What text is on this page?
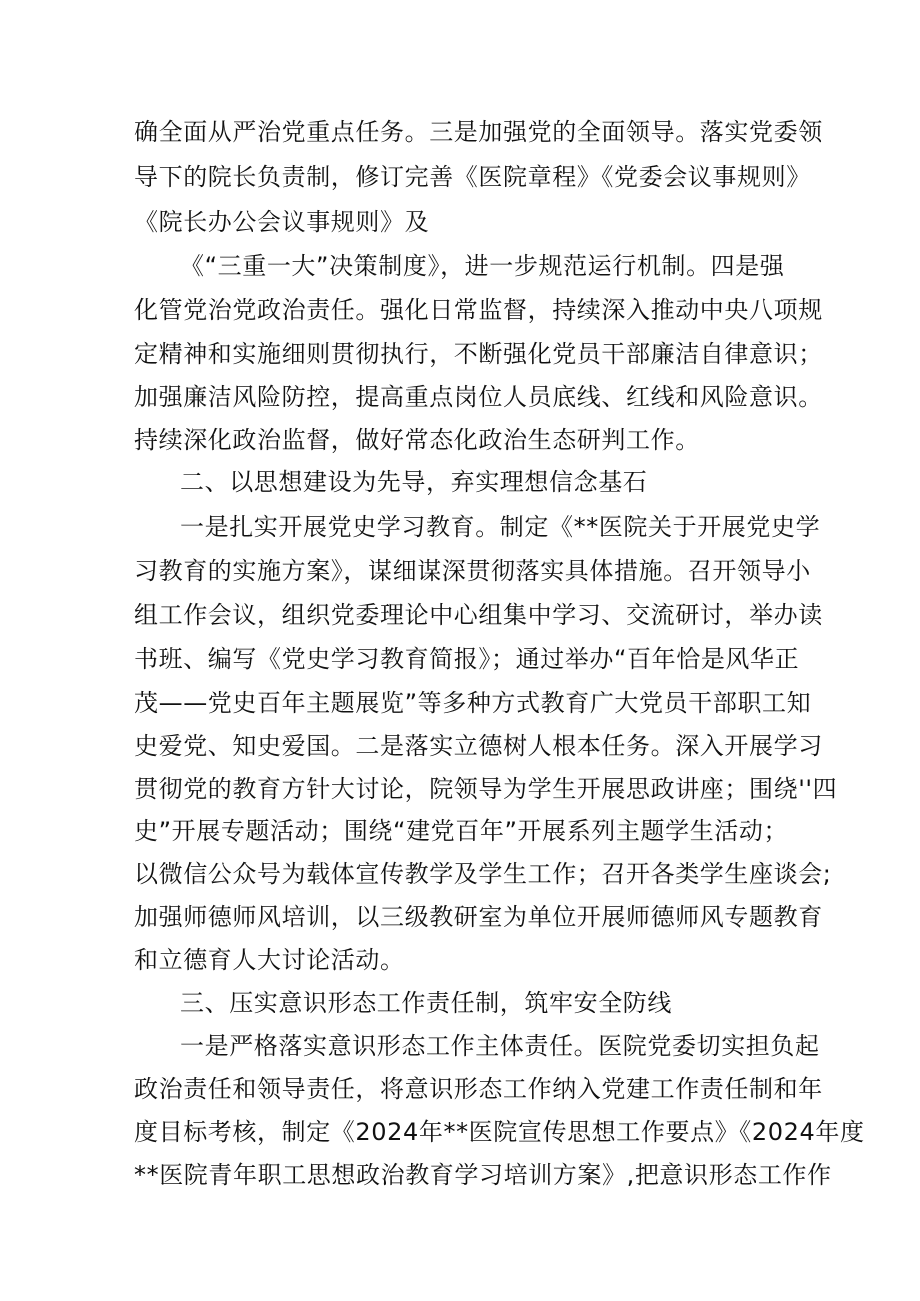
确全面从严治党重点任务。三是加强党的全面领导。落实党委领
导下的院长负责制，修订完善《医院章程》《党委会议事规则》
《院长办公会议事规则》及
《“三重一大”决策制度》，进一步规范运行机制。四是强
化管党治党政治责任。强化日常监督，持续深入推动中央八项规
定精神和实施细则贯彻执行，不断强化党员干部廉洁自律意识；
加强廉洁风险防控，提高重点岗位人员底线、红线和风险意识。
持续深化政治监督，做好常态化政治生态研判工作。
二、以思想建设为先导，弃实理想信念基石
一是扎实开展党史学习教育。制定《**医院关于开展党史学
习教育的实施方案》，谋细谋深贯彻落实具体措施。召开领导小
组工作会议，组织党委理论中心组集中学习、交流研讨，举办读
书班、编写《党史学习教育简报》；通过举办“百年恰是风华正
茂——党史百年主题展览”等多种方式教育广大党员干部职工知
史爱党、知史爱国。二是落实立德树人根本任务。深入开展学习
贯彻党的教育方针大讨论，院领导为学生开展思政讲座；围绕''四
史”开展专题活动；围绕“建党百年”开展系列主题学生活动；
以微信公众号为载体宣传教学及学生工作；召开各类学生座谈会;
加强师德师风培训，以三级教研室为单位开展师德师风专题教育
和立德育人大讨论活动。
三、压实意识形态工作责任制，筑牢安全防线
一是严格落实意识形态工作主体责任。医院党委切实担负起
政治责任和领导责任，将意识形态工作纳入党建工作责任制和年
度目标考核，制定《2024年**医院宣传思想工作要点》《2024年度
**医院青年职工思想政治教育学习培训方案》,把意识形态工作作
